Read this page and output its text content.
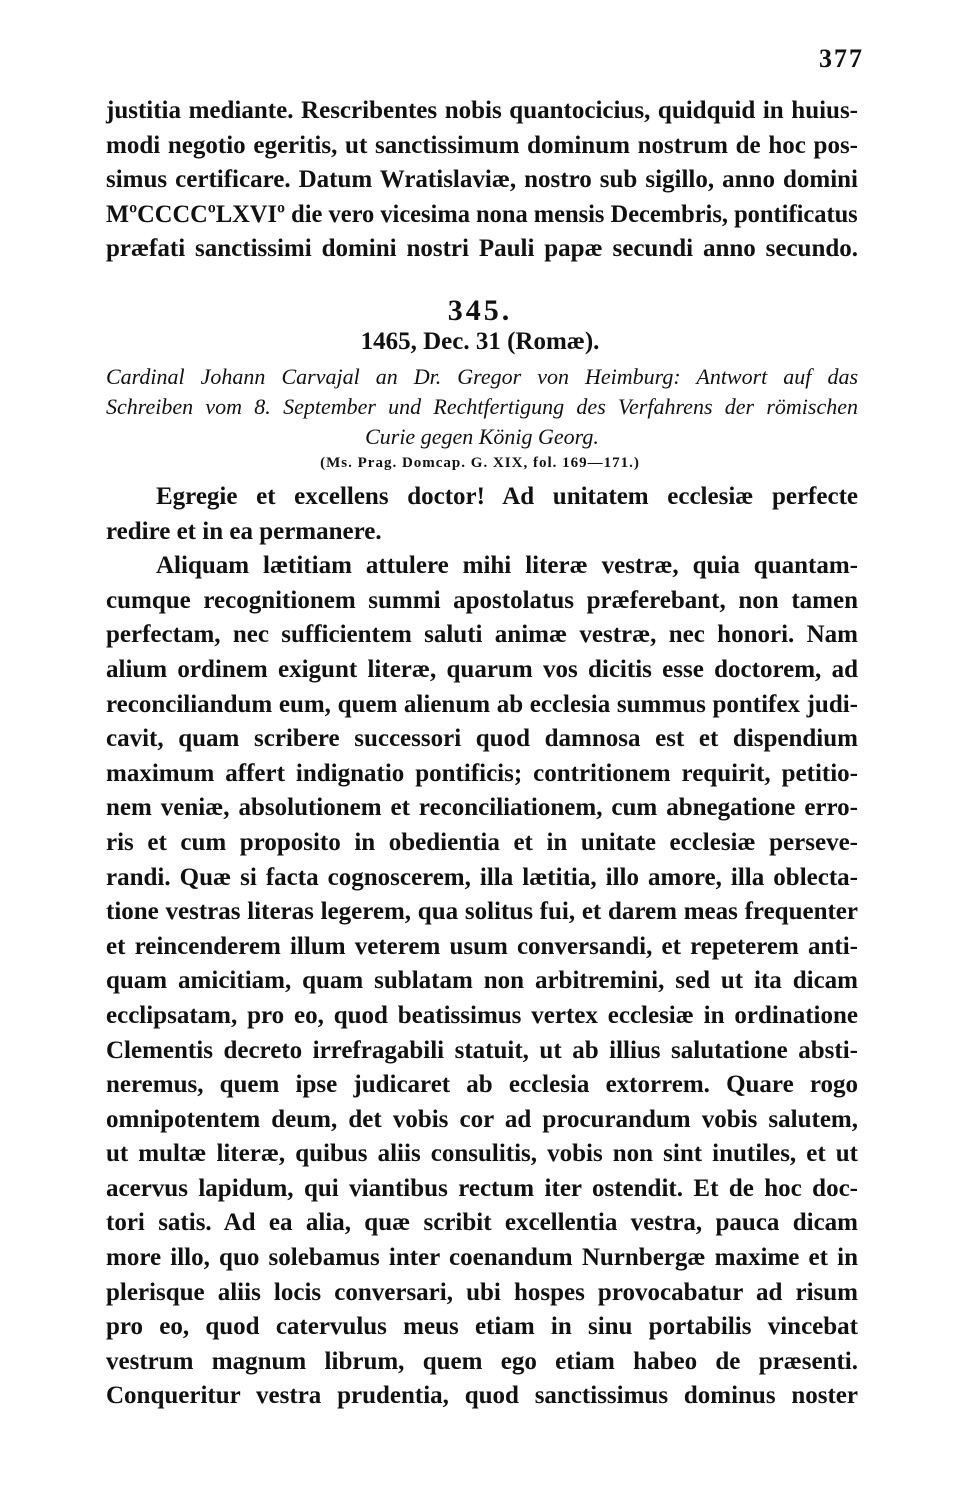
377
justitia mediante. Rescribentes nobis quantocicius, quidquid in huius-
modi negotio egeritis, ut sanctissimum dominum nostrum de hoc pos-
simus certificare. Datum Wratislaviæ, nostro sub sigillo, anno domini
MºCCCCºLXVIº die vero vicesima nona mensis Decembris, pontificatus
præfati sanctissimi domini nostri Pauli papæ secundi anno secundo.
345.
1465, Dec. 31 (Romæ).
Cardinal Johann Carvajal an Dr. Gregor von Heimburg: Antwort auf das
Schreiben vom 8. September und Rechtfertigung des Verfahrens der römischen
Curie gegen König Georg.
(Ms. Prag. Domcap. G. XIX, fol. 169—171.)
Egregie et excellens doctor! Ad unitatem ecclesiæ perfecte
redire et in ea permanere.
Aliquam lætitiam attulere mihi literæ vestræ, quia quantam-
cumque recognitionem summi apostolatus præferebant, non tamen
perfectam, nec sufficientem saluti animæ vestræ, nec honori. Nam
alium ordinem exigunt literæ, quarum vos dicitis esse doctorem, ad
reconciliandum eum, quem alienum ab ecclesia summus pontifex judi-
cavit, quam scribere successori quod damnosa est et dispendium
maximum affert indignatio pontificis; contritionem requirit, petitio-
nem veniæ, absolutionem et reconciliationem, cum abnegatione erro-
ris et cum proposito in obedientia et in unitate ecclesiæ perseve-
randi. Quæ si facta cognoscerem, illa lætitia, illo amore, illa oblecta-
tione vestras literas legerem, qua solitus fui, et darem meas frequenter
et reincenderem illum veterem usum conversandi, et repeterem anti-
quam amicitiam, quam sublatam non arbitremini, sed ut ita dicam
ecclipsatam, pro eo, quod beatissimus vertex ecclesiæ in ordinatione
Clementis decreto irrefragabili statuit, ut ab illius salutatione absti-
neremus, quem ipse judicaret ab ecclesia extorrem. Quare rogo
omnipotentem deum, det vobis cor ad procurandum vobis salutem,
ut multæ literæ, quibus aliis consulitis, vobis non sint inutiles, et ut
acervus lapidum, qui viantibus rectum iter ostendit. Et de hoc doc-
tori satis. Ad ea alia, quæ scribit excellentia vestra, pauca dicam
more illo, quo solebamus inter coenandum Nurnbergæ maxime et in
plerisque aliis locis conversari, ubi hospes provocabatur ad risum
pro eo, quod catervulus meus etiam in sinu portabilis vincebat
vestrum magnum librum, quem ego etiam habeo de præsenti.
Conqueritur vestra prudentia, quod sanctissimus dominus noster
